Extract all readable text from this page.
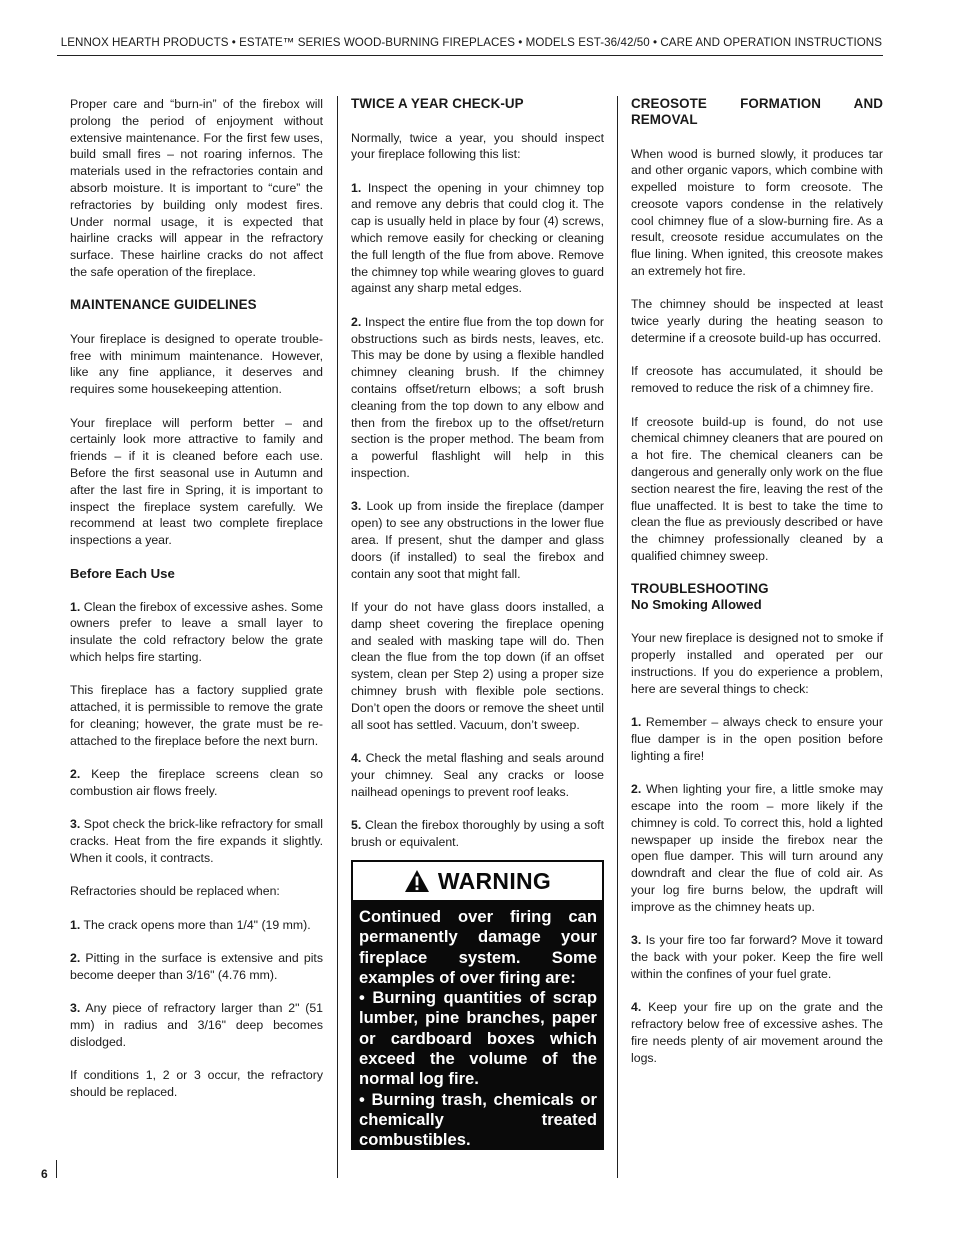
LENNOX HEARTH PRODUCTS • ESTATE™ SERIES WOOD-BURNING FIREPLACES • MODELS EST-36/42/50 • CARE AND OPERATION INSTRUCTIONS
6

Proper care and “burn-in” of the firebox will prolong the period of enjoyment without extensive maintenance. For the first few uses, build small fires – not roaring infernos. The materials used in the refractories contain and absorb moisture. It is important to “cure” the refractories by building only modest fires. Under normal usage, it is expected that hairline cracks will appear in the refractory surface. These hairline cracks do not affect the safe operation of the fireplace.

MAINTENANCE GUIDELINES

Your fireplace is designed to operate trouble-free with minimum maintenance. However, like any fine appliance, it deserves and requires some housekeeping attention.

Your fireplace will perform better – and certainly look more attractive to family and friends – if it is cleaned before each use. Before the first seasonal use in Autumn and after the last fire in Spring, it is important to inspect the fireplace system carefully. We recommend at least two complete fireplace inspections a year.

Before Each Use

1. Clean the firebox of excessive ashes. Some owners prefer to leave a small layer to insulate the cold refractory below the grate which helps fire starting.

This fireplace has a factory supplied grate attached, it is permissible to remove the grate for cleaning; however, the grate must be re-attached to the fireplace before the next burn.

2. Keep the fireplace screens clean so combustion air flows freely.

3. Spot check the brick-like refractory for small cracks. Heat from the fire expands it slightly. When it cools, it contracts.

Refractories should be replaced when:

1. The crack opens more than 1/4" (19 mm).

2. Pitting in the surface is extensive and pits become deeper than 3/16" (4.76 mm).

3. Any piece of refractory larger than 2" (51 mm) in radius and 3/16" deep becomes dislodged.

If conditions 1, 2 or 3 occur, the refractory should be replaced.

TWICE A YEAR CHECK-UP

Normally, twice a year, you should inspect your fireplace following this list:

1. Inspect the opening in your chimney top and remove any debris that could clog it. The cap is usually held in place by four (4) screws, which remove easily for checking or cleaning the full length of the flue from above. Remove the chimney top while wearing gloves to guard against any sharp metal edges.

2. Inspect the entire flue from the top down for obstructions such as birds nests, leaves, etc. This may be done by using a flexible handled chimney cleaning brush. If the chimney contains offset/return elbows; a soft brush cleaning from the top down to any elbow and then from the firebox up to the offset/return section is the proper method. The beam from a powerful flashlight will help in this inspection.

3. Look up from inside the fireplace (damper open) to see any obstructions in the lower flue area. If present, shut the damper and glass doors (if installed) to seal the firebox and contain any soot that might fall.

If your do not have glass doors installed, a damp sheet covering the fireplace opening and sealed with masking tape will do. Then clean the flue from the top down (if an offset system, clean per Step 2) using a proper size chimney brush with flexible pole sections. Don’t open the doors or remove the sheet until all soot has settled. Vacuum, don’t sweep.

4. Check the metal flashing and seals around your chimney. Seal any cracks or loose nailhead openings to prevent roof leaks.

5. Clean the firebox thoroughly by using a soft brush or equivalent.

WARNING
Continued over firing can permanently damage your fireplace system. Some examples of over firing are:
• Burning quantities of scrap lumber, pine branches, paper or cardboard boxes which exceed the volume of the normal log fire.
• Burning trash, chemicals or chemically treated combustibles.
CREOSOTE FORMATION AND REMOVAL

When wood is burned slowly, it produces tar and other organic vapors, which combine with expelled moisture to form creosote. The creosote vapors condense in the relatively cool chimney flue of a slow-burning fire. As a result, creosote residue accumulates on the flue lining. When ignited, this creosote makes an extremely hot fire.

The chimney should be inspected at least twice yearly during the heating season to determine if a creosote build-up has occurred.

If creosote has accumulated, it should be removed to reduce the risk of a chimney fire.

If creosote build-up is found, do not use chemical chimney cleaners that are poured on a hot fire. The chemical cleaners can be dangerous and generally only work on the flue section nearest the fire, leaving the rest of the flue unaffected. It is best to take the time to clean the flue as previously described or have the chimney professionally cleaned by a qualified chimney sweep.

TROUBLESHOOTING
No Smoking Allowed

Your new fireplace is designed not to smoke if properly installed and operated per our instructions. If you do experience a problem, here are several things to check:

1. Remember – always check to ensure your flue damper is in the open position before lighting a fire!

2. When lighting your fire, a little smoke may escape into the room – more likely if the chimney is cold. To correct this, hold a lighted newspaper up inside the firebox near the open flue damper. This will turn around any downdraft and clear the flue of cold air. As your log fire burns below, the updraft will improve as the chimney heats up.

3. Is your fire too far forward? Move it toward the back with your poker. Keep the fire well within the confines of your fuel grate.

4. Keep your fire up on the grate and the refractory below free of excessive ashes. The fire needs plenty of air movement around the logs.
